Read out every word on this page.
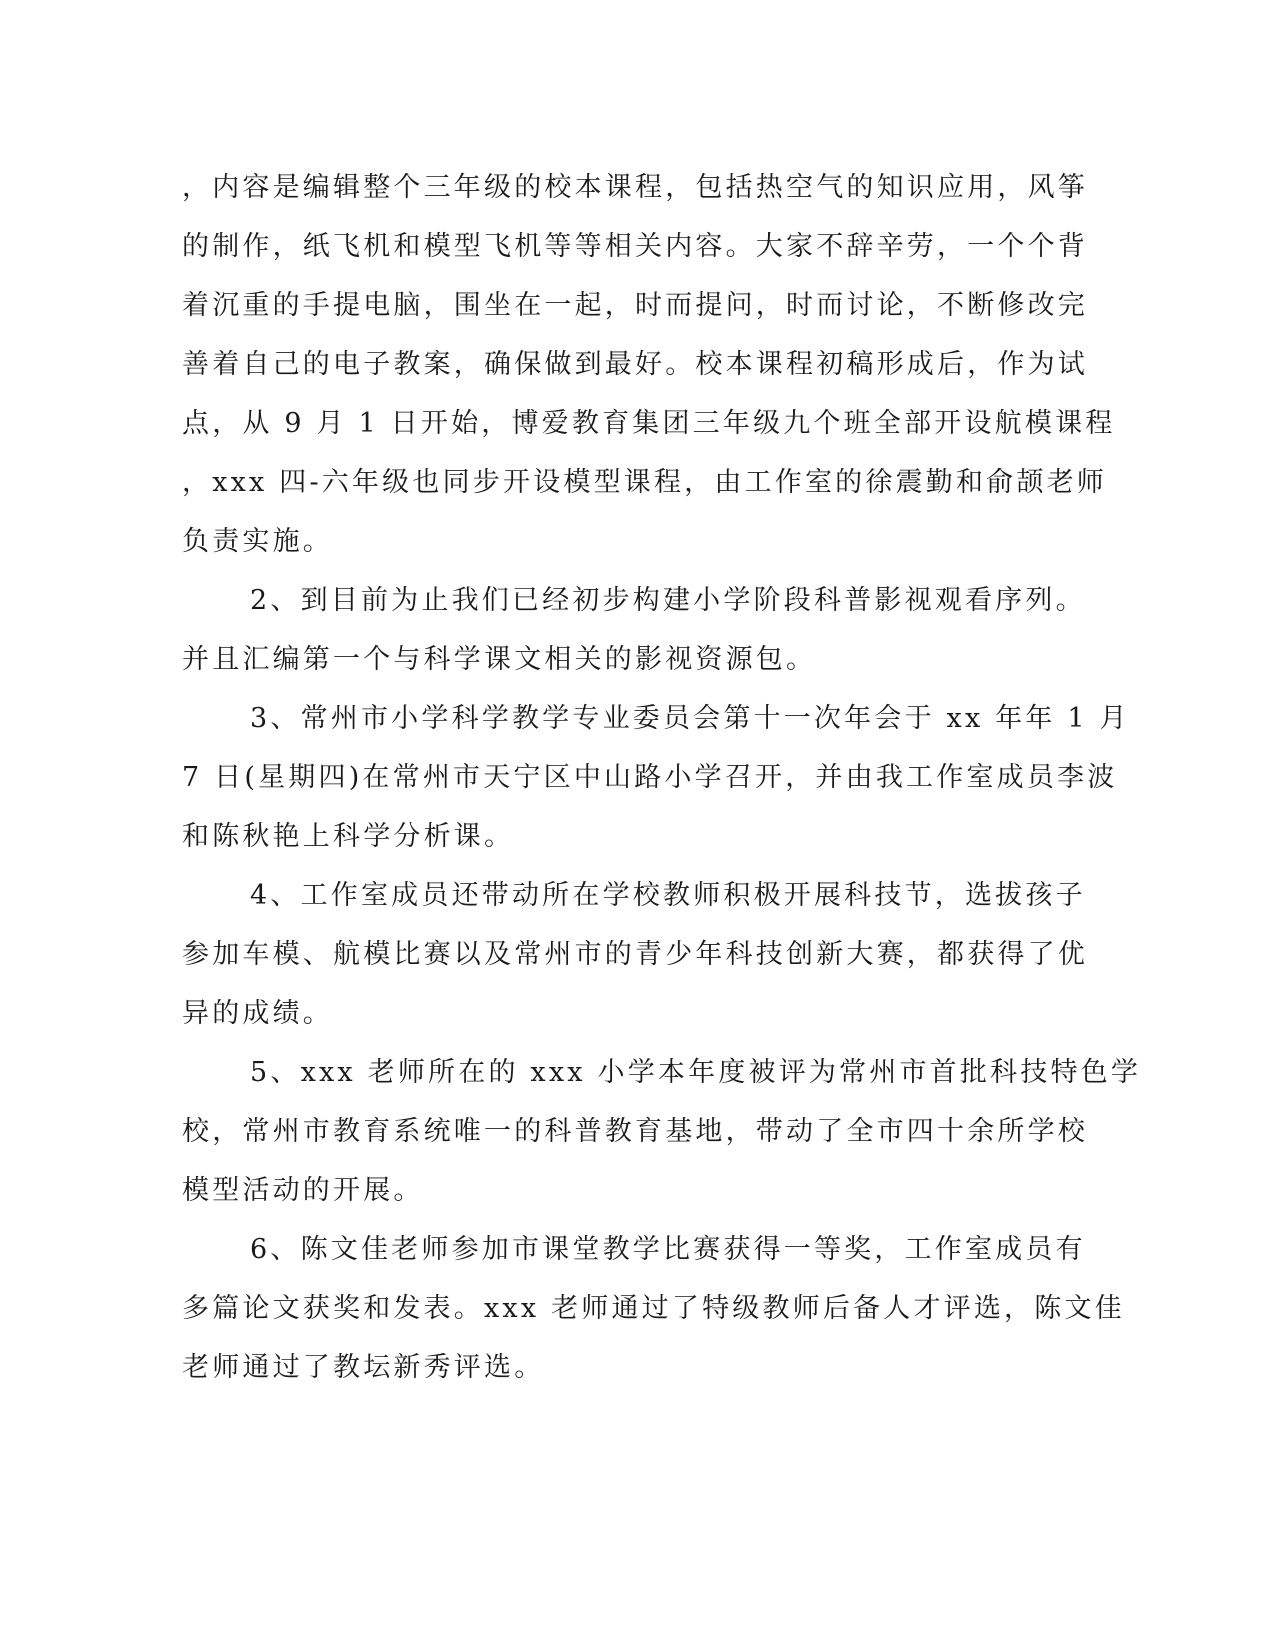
，内容是编辑整个三年级的校本课程，包括热空气的知识应用，风筝
的制作，纸飞机和模型飞机等等相关内容。大家不辞辛劳，一个个背
着沉重的手提电脑，围坐在一起，时而提问，时而讨论，不断修改完
善着自己的电子教案，确保做到最好。校本课程初稿形成后，作为试
点，从 9 月 1 日开始，博爱教育集团三年级九个班全部开设航模课程
，xxx 四-六年级也同步开设模型课程，由工作室的徐震勤和俞颉老师
负责实施。
2、到目前为止我们已经初步构建小学阶段科普影视观看序列。
并且汇编第一个与科学课文相关的影视资源包。
3、常州市小学科学教学专业委员会第十一次年会于 xx 年年 1 月
7 日(星期四)在常州市天宁区中山路小学召开，并由我工作室成员李波
和陈秋艳上科学分析课。
4、工作室成员还带动所在学校教师积极开展科技节，选拔孩子
参加车模、航模比赛以及常州市的青少年科技创新大赛，都获得了优
异的成绩。
5、xxx 老师所在的 xxx 小学本年度被评为常州市首批科技特色学
校，常州市教育系统唯一的科普教育基地，带动了全市四十余所学校
模型活动的开展。
6、陈文佳老师参加市课堂教学比赛获得一等奖，工作室成员有
多篇论文获奖和发表。xxx 老师通过了特级教师后备人才评选，陈文佳
老师通过了教坛新秀评选。
